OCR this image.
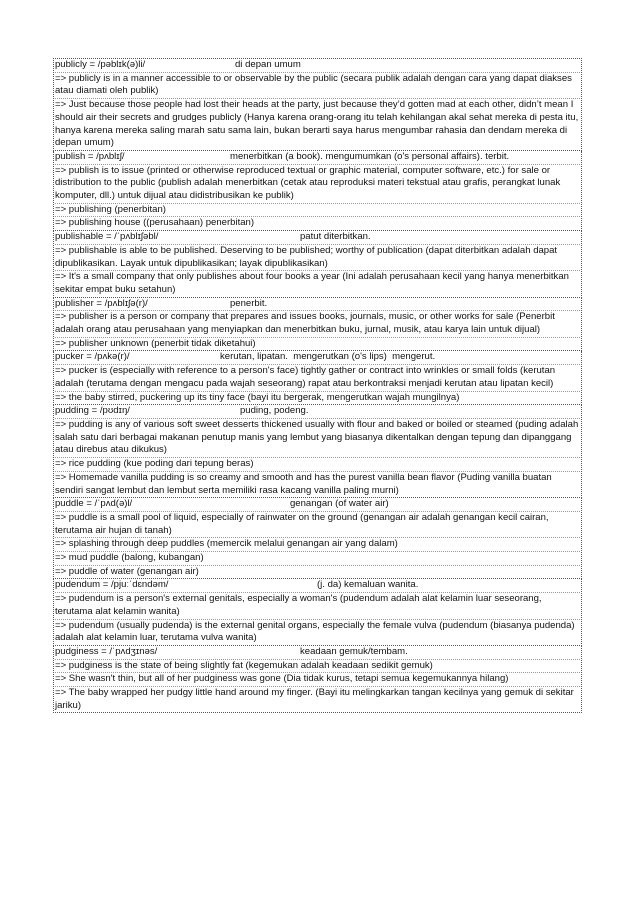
publicly = /pəblɪk(ə)li/	di depan umum
=> publicly is in a manner accessible to or observable by the public (secara publik adalah dengan cara yang dapat diakses atau diamati oleh publik)
=> Just because those people had lost their heads at the party, just because they’d gotten mad at each other, didn’t mean I should air their secrets and grudges publicly (Hanya karena orang-orang itu telah kehilangan akal sehat mereka di pesta itu, hanya karena mereka saling marah satu sama lain, bukan berarti saya harus mengumbar rahasia dan dendam mereka di depan umum)
publish = /pʌblɪʃ/	menerbitkan (a book). mengumumkan (o's personal affairs). terbit.
=> publish is to issue (printed or otherwise reproduced textual or graphic material, computer software, etc.) for sale or distribution to the public (publish adalah menerbitkan (cetak atau reproduksi materi tekstual atau grafis, perangkat lunak komputer, dll.) untuk dijual atau didistribusikan ke publik)
=> publishing (penerbitan)
=> publishing house ((perusahaan) penerbitan)
publishable = /ˈpʌblɪʃəbl/	patut diterbitkan.
=> publishable is able to be published. Deserving to be published; worthy of publication (dapat diterbitkan adalah dapat dipublikasikan. Layak untuk dipublikasikan; layak dipublikasikan)
=> It's a small company that only publishes about four books a year (Ini adalah perusahaan kecil yang hanya menerbitkan sekitar empat buku setahun)
publisher = /pʌblɪʃə(r)/	penerbit.
=> publisher is a person or company that prepares and issues books, journals, music, or other works for sale (Penerbit adalah orang atau perusahaan yang menyiapkan dan menerbitkan buku, jurnal, musik, atau karya lain untuk dijual)
=> publisher unknown (penerbit tidak diketahui)
pucker = /pʌkə(r)/	kerutan, lipatan.  mengerutkan (o's lips)  mengerut.
=> pucker is (especially with reference to a person's face) tightly gather or contract into wrinkles or small folds (kerutan adalah (terutama dengan mengacu pada wajah seseorang) rapat atau berkontraksi menjadi kerutan atau lipatan kecil)
=> the baby stirred, puckering up its tiny face (bayi itu bergerak, mengerutkan wajah mungilnya)
pudding = /pʊdɪŋ/	puding, podeng.
=> pudding is any of various soft sweet desserts thickened usually with flour and baked or boiled or steamed (puding adalah salah satu dari berbagai makanan penutup manis yang lembut yang biasanya dikentalkan dengan tepung dan dipanggang atau direbus atau dikukus)
=> rice pudding (kue poding dari tepung beras)
=> Homemade vanilla pudding is so creamy and smooth and has the purest vanilla bean flavor (Puding vanilla buatan sendiri sangat lembut dan lembut serta memiliki rasa kacang vanilla paling murni)
puddle = /ˈpʌd(ə)l/	genangan (of water air)
=> puddle is a small pool of liquid, especially of rainwater on the ground (genangan air adalah genangan kecil cairan, terutama air hujan di tanah)
=> splashing through deep puddles (memercik melalui genangan air yang dalam)
=> mud puddle (balong, kubangan)
=> puddle of water (genangan air)
pudendum = /pjuːˈdɛndəm/	(j. da) kemaluan wanita.
=> pudendum is a person's external genitals, especially a woman's (pudendum adalah alat kelamin luar seseorang, terutama alat kelamin wanita)
=> pudendum (usually pudenda) is the external genital organs, especially the female vulva (pudendum (biasanya pudenda) adalah alat kelamin luar, terutama vulva wanita)
pudginess = /ˈpʌdʒɪnəs/	keadaan gemuk/tembam.
=> pudginess is the state of being slightly fat (kegemukan adalah keadaan sedikit gemuk)
=> She wasn't thin, but all of her pudginess was gone (Dia tidak kurus, tetapi semua kegemukannya hilang)
=> The baby wrapped her pudgy little hand around my finger. (Bayi itu melingkarkan tangan kecilnya yang gemuk di sekitar jariku)
